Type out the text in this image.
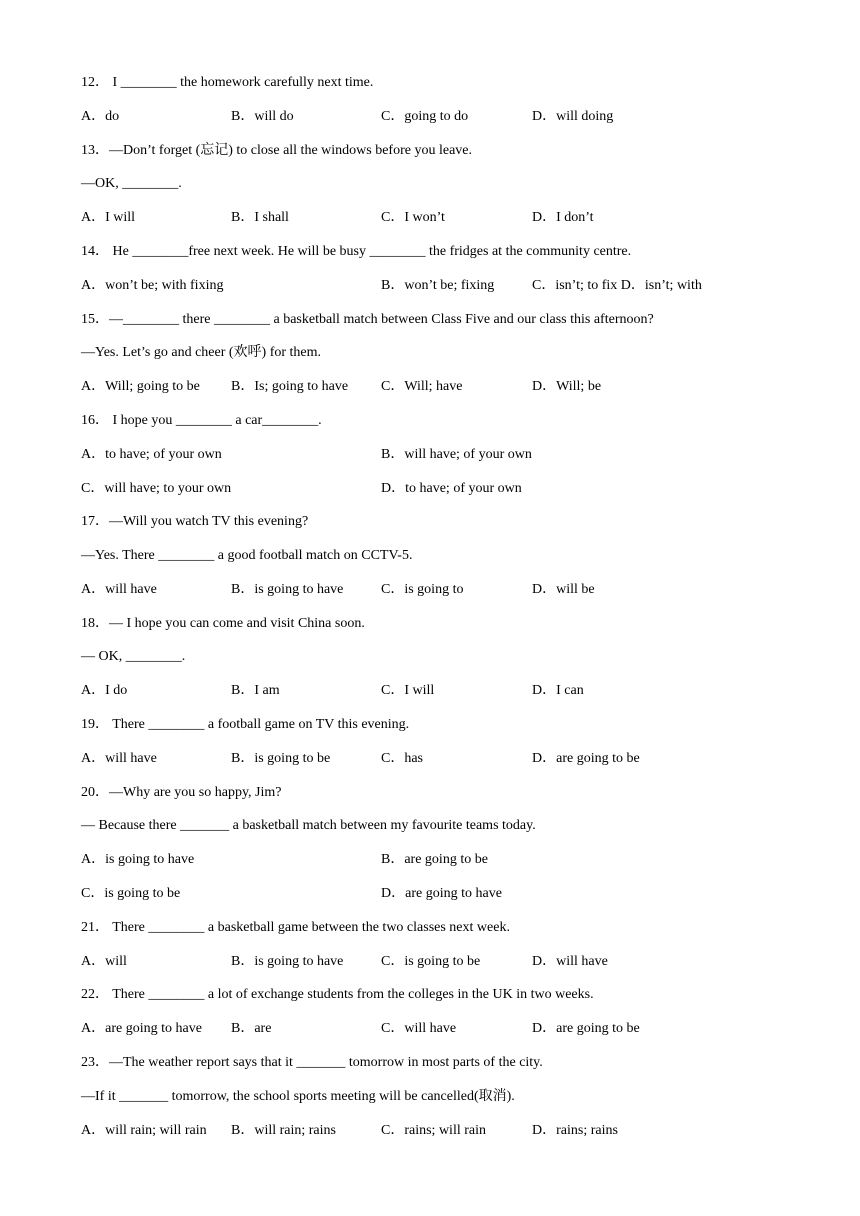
12． I ________ the homework carefully next time.
A．do	B．will do	C．going to do	D．will doing
13．—Don’t forget (忘记) to close all the windows before you leave.
—OK, ________.
A．I will	B．I shall	C．I won’t	D．I don’t
14． He ________free next week. He will be busy ________ the fridges at the community centre.
A．won’t be; with fixing	B．won’t be; fixing	C．isn’t; to fix D．isn’t; with
15．—________ there ________ a basketball match between Class Five and our class this afternoon?
—Yes. Let’s go and cheer (欢呼) for them.
A．Will; going to be B．Is; going to have C．Will; have	D．Will; be
16． I hope you ________ a car________.
A．to have; of your own	B．will have; of your own
C．will have; to your own	D．to have; of your own
17．—Will you watch TV this evening?
—Yes. There ________ a good football match on CCTV-5.
A．will have	B．is going to have	C．is going to	D．will be
18．— I hope you can come and visit China soon.
— OK, ________.
A．I do	B．I am	C．I will	D．I can
19． There ________ a football game on TV this evening.
A．will have	B．is going to be	C．has	D．are going to be
20．—Why are you so happy, Jim?
— Because there _______ a basketball match between my favourite teams today.
A．is going to have	B．are going to be
C．is going to be	D．are going to have
21． There ________ a basketball game between the two classes next week.
A．will	B．is going to have	C．is going to be	D．will have
22． There ________ a lot of exchange students from the colleges in the UK in two weeks.
A．are going to have B．are	C．will have	D．are going to be
23．—The weather report says that it _______ tomorrow in most parts of the city.
—If it _______ tomorrow, the school sports meeting will be cancelled(取消).
A．will rain; will rain B．will rain; rains	C．rains; will rain	D．rains; rains
